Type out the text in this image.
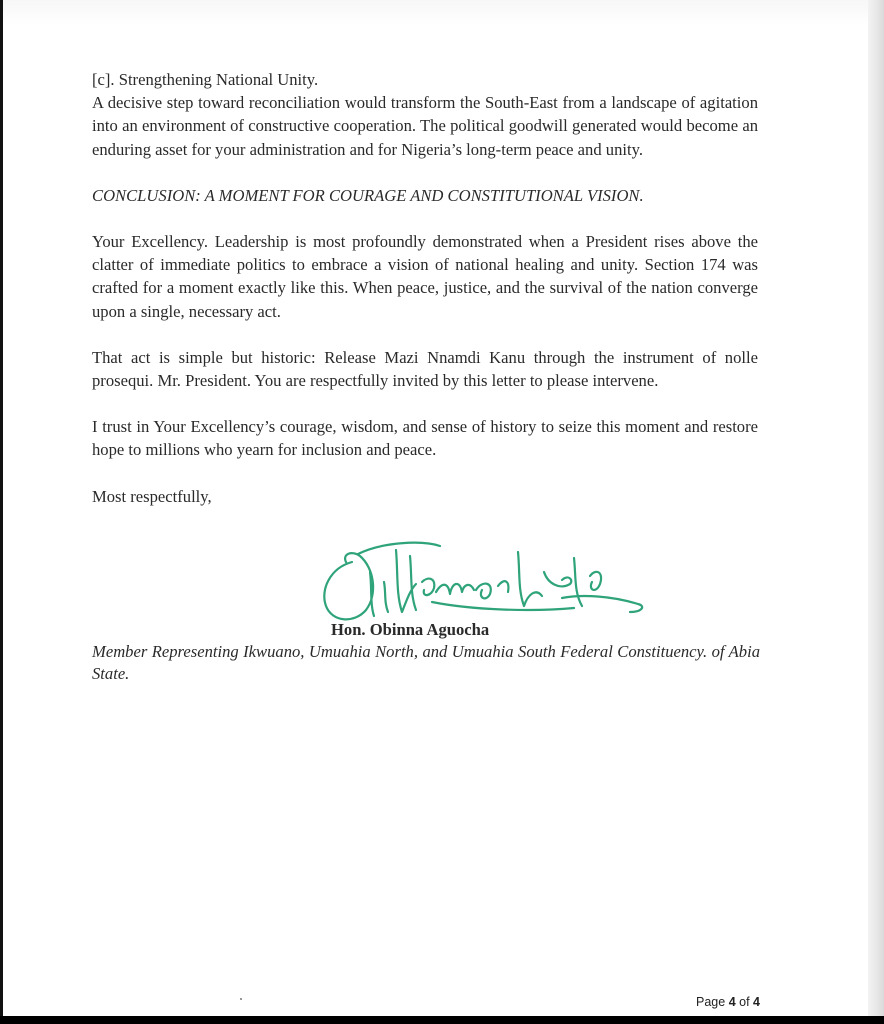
[c]. Strengthening National Unity.

A decisive step toward reconciliation would transform the South-East from a landscape of agitation into an environment of constructive cooperation. The political goodwill generated would become an enduring asset for your administration and for Nigeria’s long-term peace and unity.

CONCLUSION: A MOMENT FOR COURAGE AND CONSTITUTIONAL VISION.

Your Excellency. Leadership is most profoundly demonstrated when a President rises above the clatter of immediate politics to embrace a vision of national healing and unity. Section 174 was crafted for a moment exactly like this. When peace, justice, and the survival of the nation converge upon a single, necessary act.

That act is simple but historic: Release Mazi Nnamdi Kanu through the instrument of nolle prosequi. Mr. President. You are respectfully invited by this letter to please intervene.

I trust in Your Excellency’s courage, wisdom, and sense of history to seize this moment and restore hope to millions who yearn for inclusion and peace.

Most respectfully,

Hon. Obinna Aguocha
Member Representing Ikwuano, Umuahia North, and Umuahia South Federal Constituency. of Abia State.
Page 4 of 4
